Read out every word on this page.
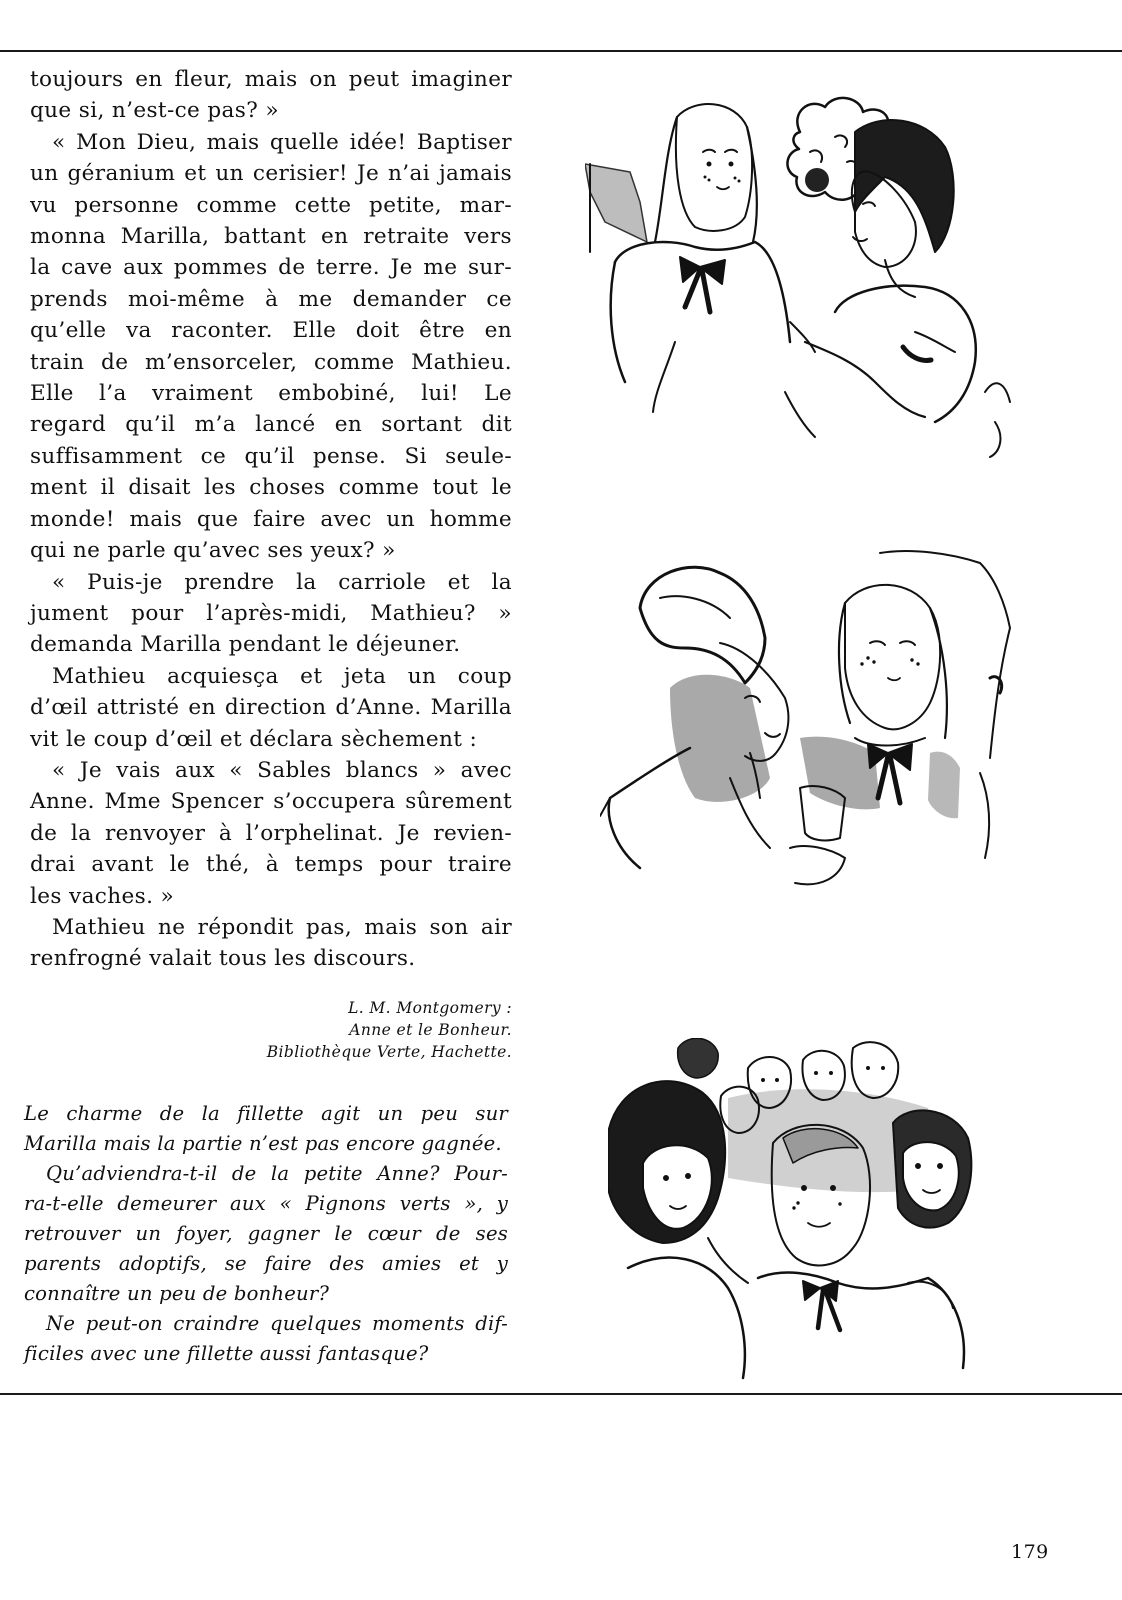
toujours en fleur, mais on peut imaginer

que si, n’est-ce pas? »

« Mon Dieu, mais quelle idée! Baptiser

un géranium et un cerisier! Je n’ai jamais

vu personne comme cette petite, mar-

monna Marilla, battant en retraite vers

la cave aux pommes de terre. Je me sur-

prends moi-même à me demander ce

qu’elle va raconter. Elle doit être en

train de m’ensorceler, comme Mathieu.

Elle l’a vraiment embobiné, lui! Le

regard qu’il m’a lancé en sortant dit

suffisamment ce qu’il pense. Si seule-

ment il disait les choses comme tout le

monde! mais que faire avec un homme

qui ne parle qu’avec ses yeux? »

« Puis-je prendre la carriole et la

jument pour l’après-midi, Mathieu? »

demanda Marilla pendant le déjeuner.

Mathieu acquiesça et jeta un coup

d’œil attristé en direction d’Anne. Marilla

vit le coup d’œil et déclara sèchement :

« Je vais aux « Sables blancs » avec

Anne. Mme Spencer s’occupera sûrement

de la renvoyer à l’orphelinat. Je revien-

drai avant le thé, à temps pour traire

les vaches. »

Mathieu ne répondit pas, mais son air

renfrogné valait tous les discours.

L. M. Montgomery :
Anne et le Bonheur.
Bibliothèque Verte, Hachette.

Le charme de la fillette agit un peu sur

Marilla mais la partie n’est pas encore gagnée.

Qu’adviendra-t-il de la petite Anne? Pour-

ra-t-elle demeurer aux « Pignons verts », y

retrouver un foyer, gagner le cœur de ses

parents adoptifs, se faire des amies et y

connaître un peu de bonheur?

Ne peut-on craindre quelques moments dif-

ficiles avec une fillette aussi fantasque?

179
